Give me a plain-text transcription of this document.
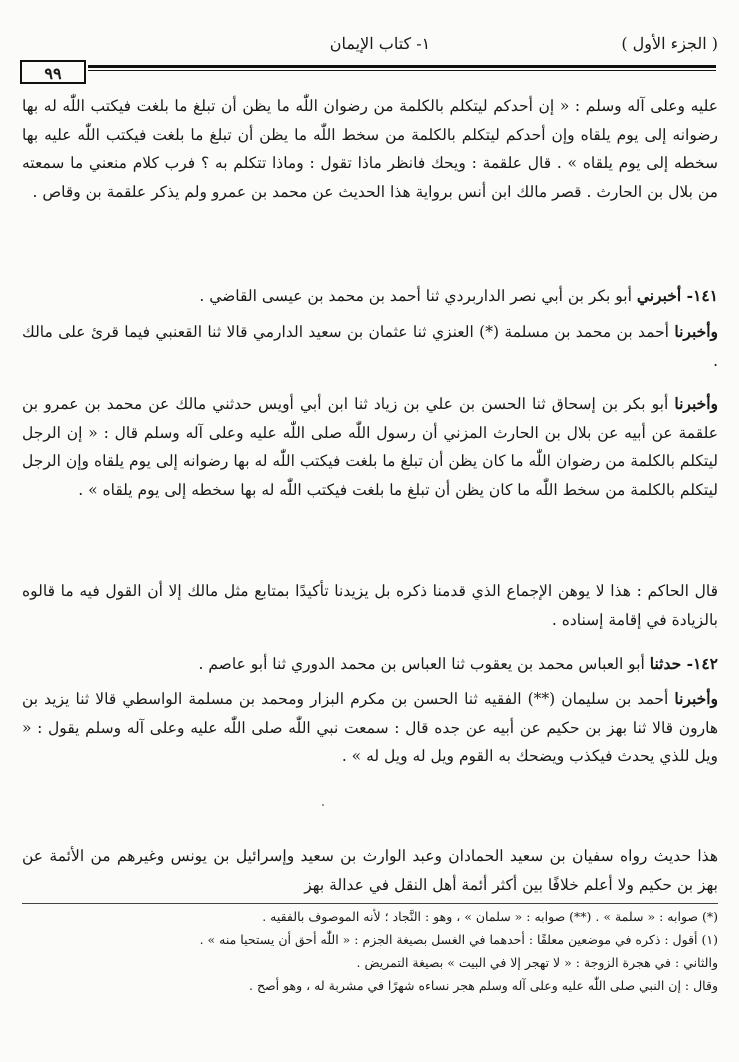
( الجزء الأول )
١- كتاب الإيمان
٩٩
عليه وعلى آله وسلم : « إن أحدكم ليتكلم بالكلمة من رضوان اللّٰه ما يظن أن تبلغ ما بلغت فيكتب اللّٰه له بها رضوانه إلى يوم يلقاه وإن أحدكم ليتكلم بالكلمة من سخط اللّٰه ما يظن أن تبلغ ما بلغت فيكتب اللّٰه عليه بها سخطه إلى يوم يلقاه » . قال علقمة : ويحك فانظر ماذا تقول : وماذا تتكلم به ؟ فرب كلام منعني ما سمعته من بلال بن الحارث . قصر مالك ابن أنس برواية هذا الحديث عن محمد بن عمرو ولم يذكر علقمة بن وقاص .
١٤١- أخبرني أبو بكر بن أبي نصر الداربردي ثنا أحمد بن محمد بن عيسى القاضي .
وأخبرنا أحمد بن محمد بن مسلمة (*) العنزي ثنا عثمان بن سعيد الدارمي قالا ثنا القعنبي فيما قرئ على مالك .
وأخبرنا أبو بكر بن إسحاق ثنا الحسن بن علي بن زياد ثنا ابن أبي أويس حدثني مالك عن محمد بن عمرو بن علقمة عن أبيه عن بلال بن الحارث المزني أن رسول اللّٰه صلى اللّٰه عليه وعلى آله وسلم قال : « إن الرجل ليتكلم بالكلمة من رضوان اللّٰه ما كان يظن أن تبلغ ما بلغت فيكتب اللّٰه له بها رضوانه إلى يوم يلقاه وإن الرجل ليتكلم بالكلمة من سخط اللّٰه ما كان يظن أن تبلغ ما بلغت فيكتب اللّٰه له بها سخطه إلى يوم يلقاه » .
قال الحاكم : هذا لا يوهن الإجماع الذي قدمنا ذكره بل يزيدنا تأكيدًا بمتابع مثل مالك إلا أن القول فيه ما قالوه بالزيادة في إقامة إسناده .
١٤٢- حدثنا أبو العباس محمد بن يعقوب ثنا العباس بن محمد الدوري ثنا أبو عاصم .
وأخبرنا أحمد بن سليمان (**) الفقيه ثنا الحسن بن مكرم البزار ومحمد بن مسلمة الواسطي قالا ثنا يزيد بن هارون قالا ثنا بهز بن حكيم عن أبيه عن جده قال : سمعت نبي اللّٰه صلى اللّٰه عليه وعلى آله وسلم يقول : « ويل للذي يحدث فيكذب ويضحك به القوم ويل له ويل له » .
هذا حديث رواه سفيان بن سعيد الحمادان وعبد الوارث بن سعيد وإسرائيل بن يونس وغيرهم من الأئمة عن بهز بن حكيم ولا أعلم خلافًا بين أكثر أئمة أهل النقل في عدالة بهز
(*) صوابه : « سلمة » . (**) صوابه : « سلمان » ، وهو : النَّجاد ؛ لأنه الموصوف بالفقيه .
(١) أقول : ذكره في موضعين معلقًا : أحدهما في الغسل بصيغة الجزم : « اللّٰه أحق أن يستحيا منه » .
والثاني : في هجرة الزوجة : « لا تهجر إلا في البيت » بصيغة التمريض .
وقال : إن النبي صلى اللّٰه عليه وعلى آله وسلم هجر نساءه شهرًا في مشربة له ، وهو أصح .
